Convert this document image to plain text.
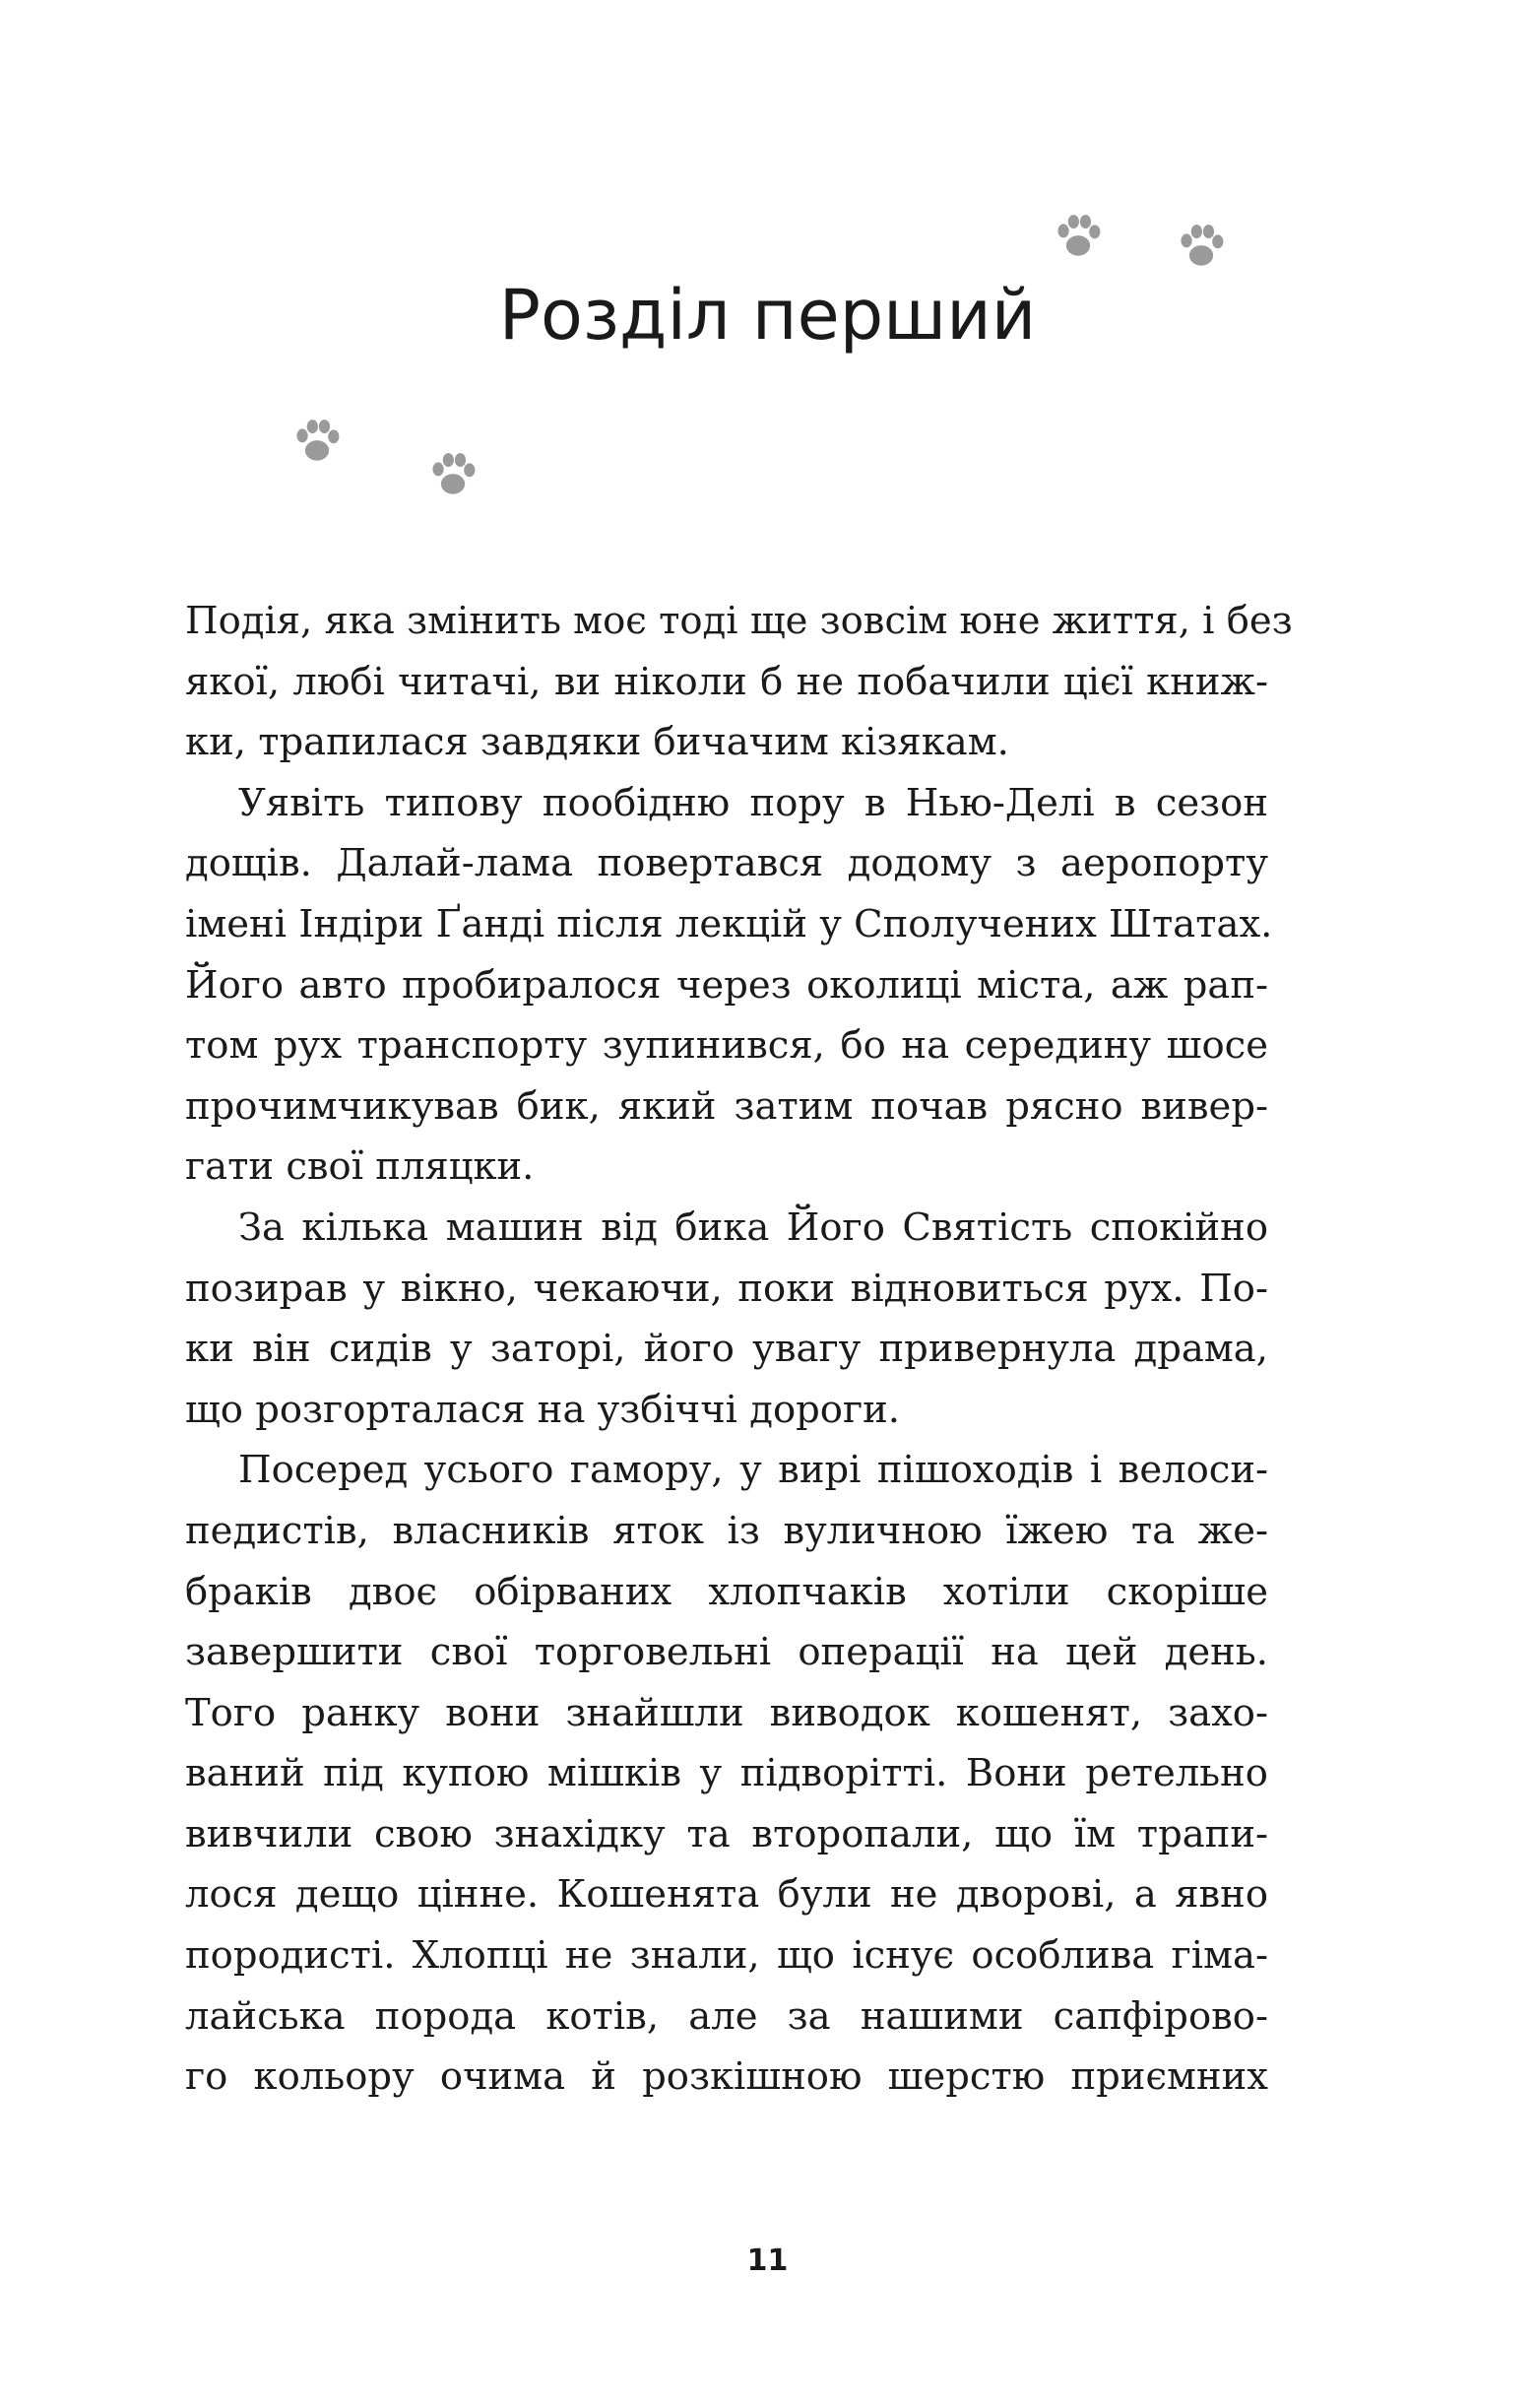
Розділ перший
Подія, яка змінить моє тоді ще зовсім юне життя, і без
якої, любі читачі, ви ніколи б не побачили цієї книж-
ки, трапилася завдяки бичачим кізякам.
Уявіть типову пообідню пору в Нью-Делі в сезон
дощів. Далай-лама повертався додому з аеропорту
імені Індіри Ґанді після лекцій у Сполучених Штатах.
Його авто пробиралося через околиці міста, аж рап-
том рух транспорту зупинився, бо на середину шосе
прочимчикував бик, який затим почав рясно вивер-
гати свої пляцки.
За кілька машин від бика Його Святість спокійно
позирав у вікно, чекаючи, поки відновиться рух. По-
ки він сидів у заторі, його увагу привернула драма,
що розгорталася на узбіччі дороги.
Посеред усього гамору, у вирі пішоходів і велоси-
педистів, власників яток із вуличною їжею та же-
браків двоє обірваних хлопчаків хотіли скоріше
завершити свої торговельні операції на цей день.
Того ранку вони знайшли виводок кошенят, захо-
ваний під купою мішків у підворітті. Вони ретельно
вивчили свою знахідку та второпали, що їм трапи-
лося дещо цінне. Кошенята були не дворові, а явно
породисті. Хлопці не знали, що існує особлива гіма-
лайська порода котів, але за нашими сапфірово-
го кольору очима й розкішною шерстю приємних
11
